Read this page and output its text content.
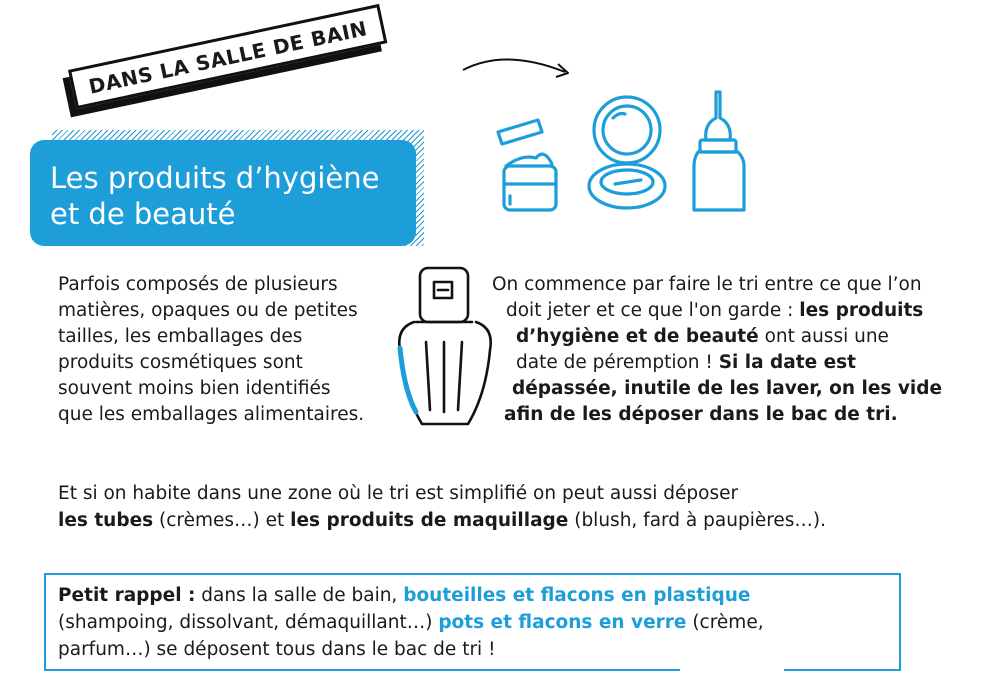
DANS LA SALLE DE BAIN
Les produits d’hygiène
et de beauté
Parfois composés de plusieurs
matières, opaques ou de petites
tailles, les emballages des
produits cosmétiques sont
souvent moins bien identifiés
que les emballages alimentaires.
On commence par faire le tri entre ce que l’on
doit jeter et ce que l'on garde : les produits
d’hygiène et de beauté ont aussi une
date de péremption ! Si la date est
dépassée, inutile de les laver, on les vide
afin de les déposer dans le bac de tri.
Et si on habite dans une zone où le tri est simplifié on peut aussi déposer
les tubes (crèmes…) et les produits de maquillage (blush, fard à paupières…).
Petit rappel : dans la salle de bain, bouteilles et flacons en plastique
(shampoing, dissolvant, démaquillant…) pots et flacons en verre (crème,
parfum…) se déposent tous dans le bac de tri !
